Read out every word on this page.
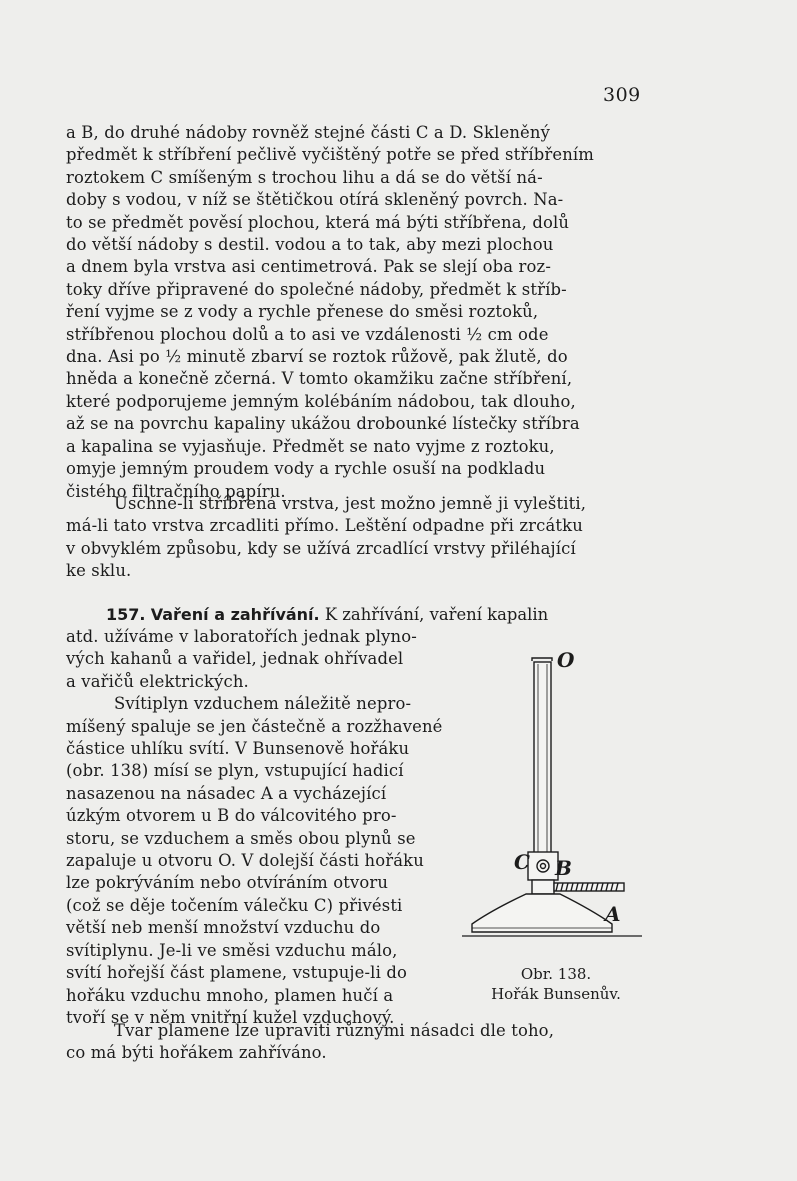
309
a B, do druhé nádoby rovněž stejné části C a D. Skleněný
předmět k stříbření pečlivě vyčištěný potře se před stříbřením
roztokem C smíšeným s trochou lihu a dá se do větší ná-
doby s vodou, v níž se štětičkou otírá skleněný povrch. Na-
to se předmět pověsí plochou, která má býti stříbřena, dolů
do větší nádoby s destil. vodou a to tak, aby mezi plochou
a dnem byla vrstva asi centimetrová. Pak se slejí oba roz-
toky dříve připravené do společné nádoby, předmět k stříb-
ření vyjme se z vody a rychle přenese do směsi roztoků,
stříbřenou plochou dolů a to asi ve vzdálenosti ½ cm ode
dna. Asi po ½ minutě zbarví se roztok růžově, pak žlutě, do
hněda a konečně zčerná. V tomto okamžiku začne stříbření,
které podporujeme jemným kolébáním nádobou, tak dlouho,
až se na povrchu kapaliny ukážou drobounké lístečky stříbra
a kapalina se vyjasňuje. Předmět se nato vyjme z roztoku,
omyje jemným proudem vody a rychle osuší na podkladu
čistého filtračního papíru.
Uschne-li stříbřená vrstva, jest možno jemně ji vyleštiti,
má-li tato vrstva zrcadliti přímo. Leštění odpadne při zrcátku
v obvyklém způsobu, kdy se užívá zrcadlící vrstvy přiléhající
ke sklu.
157. Vaření a zahřívání. K zahřívání, vaření kapalin
atd. užíváme v laboratořích jednak plyno-
vých kahanů a vařidel, jednak ohřívadel
a vařičů elektrických.
Svítiplyn vzduchem náležitě nepro-
míšený spaluje se jen částečně a rozžhavené
částice uhlíku svítí. V Bunsenově hořáku
(obr. 138) mísí se plyn, vstupující hadicí
nasazenou na násadec A a vycházející
úzkým otvorem u B do válcovitého pro-
storu, se vzduchem a směs obou plynů se
zapaluje u otvoru O. V dolejší části hořáku
lze pokrýváním nebo otvíráním otvoru
(což se děje točením válečku C) přivésti
větší neb menší množství vzduchu do
svítiplynu. Je-li ve směsi vzduchu málo,
svítí hořejší část plamene, vstupuje-li do
hořáku vzduchu mnoho, plamen hučí a
tvoří se v něm vnitřní kužel vzduchový.
Tvar plamene lze upraviti různými násadci dle toho,
co má býti hořákem zahříváno.
O
C B
A
Obr. 138.
Hořák Bunsenův.
